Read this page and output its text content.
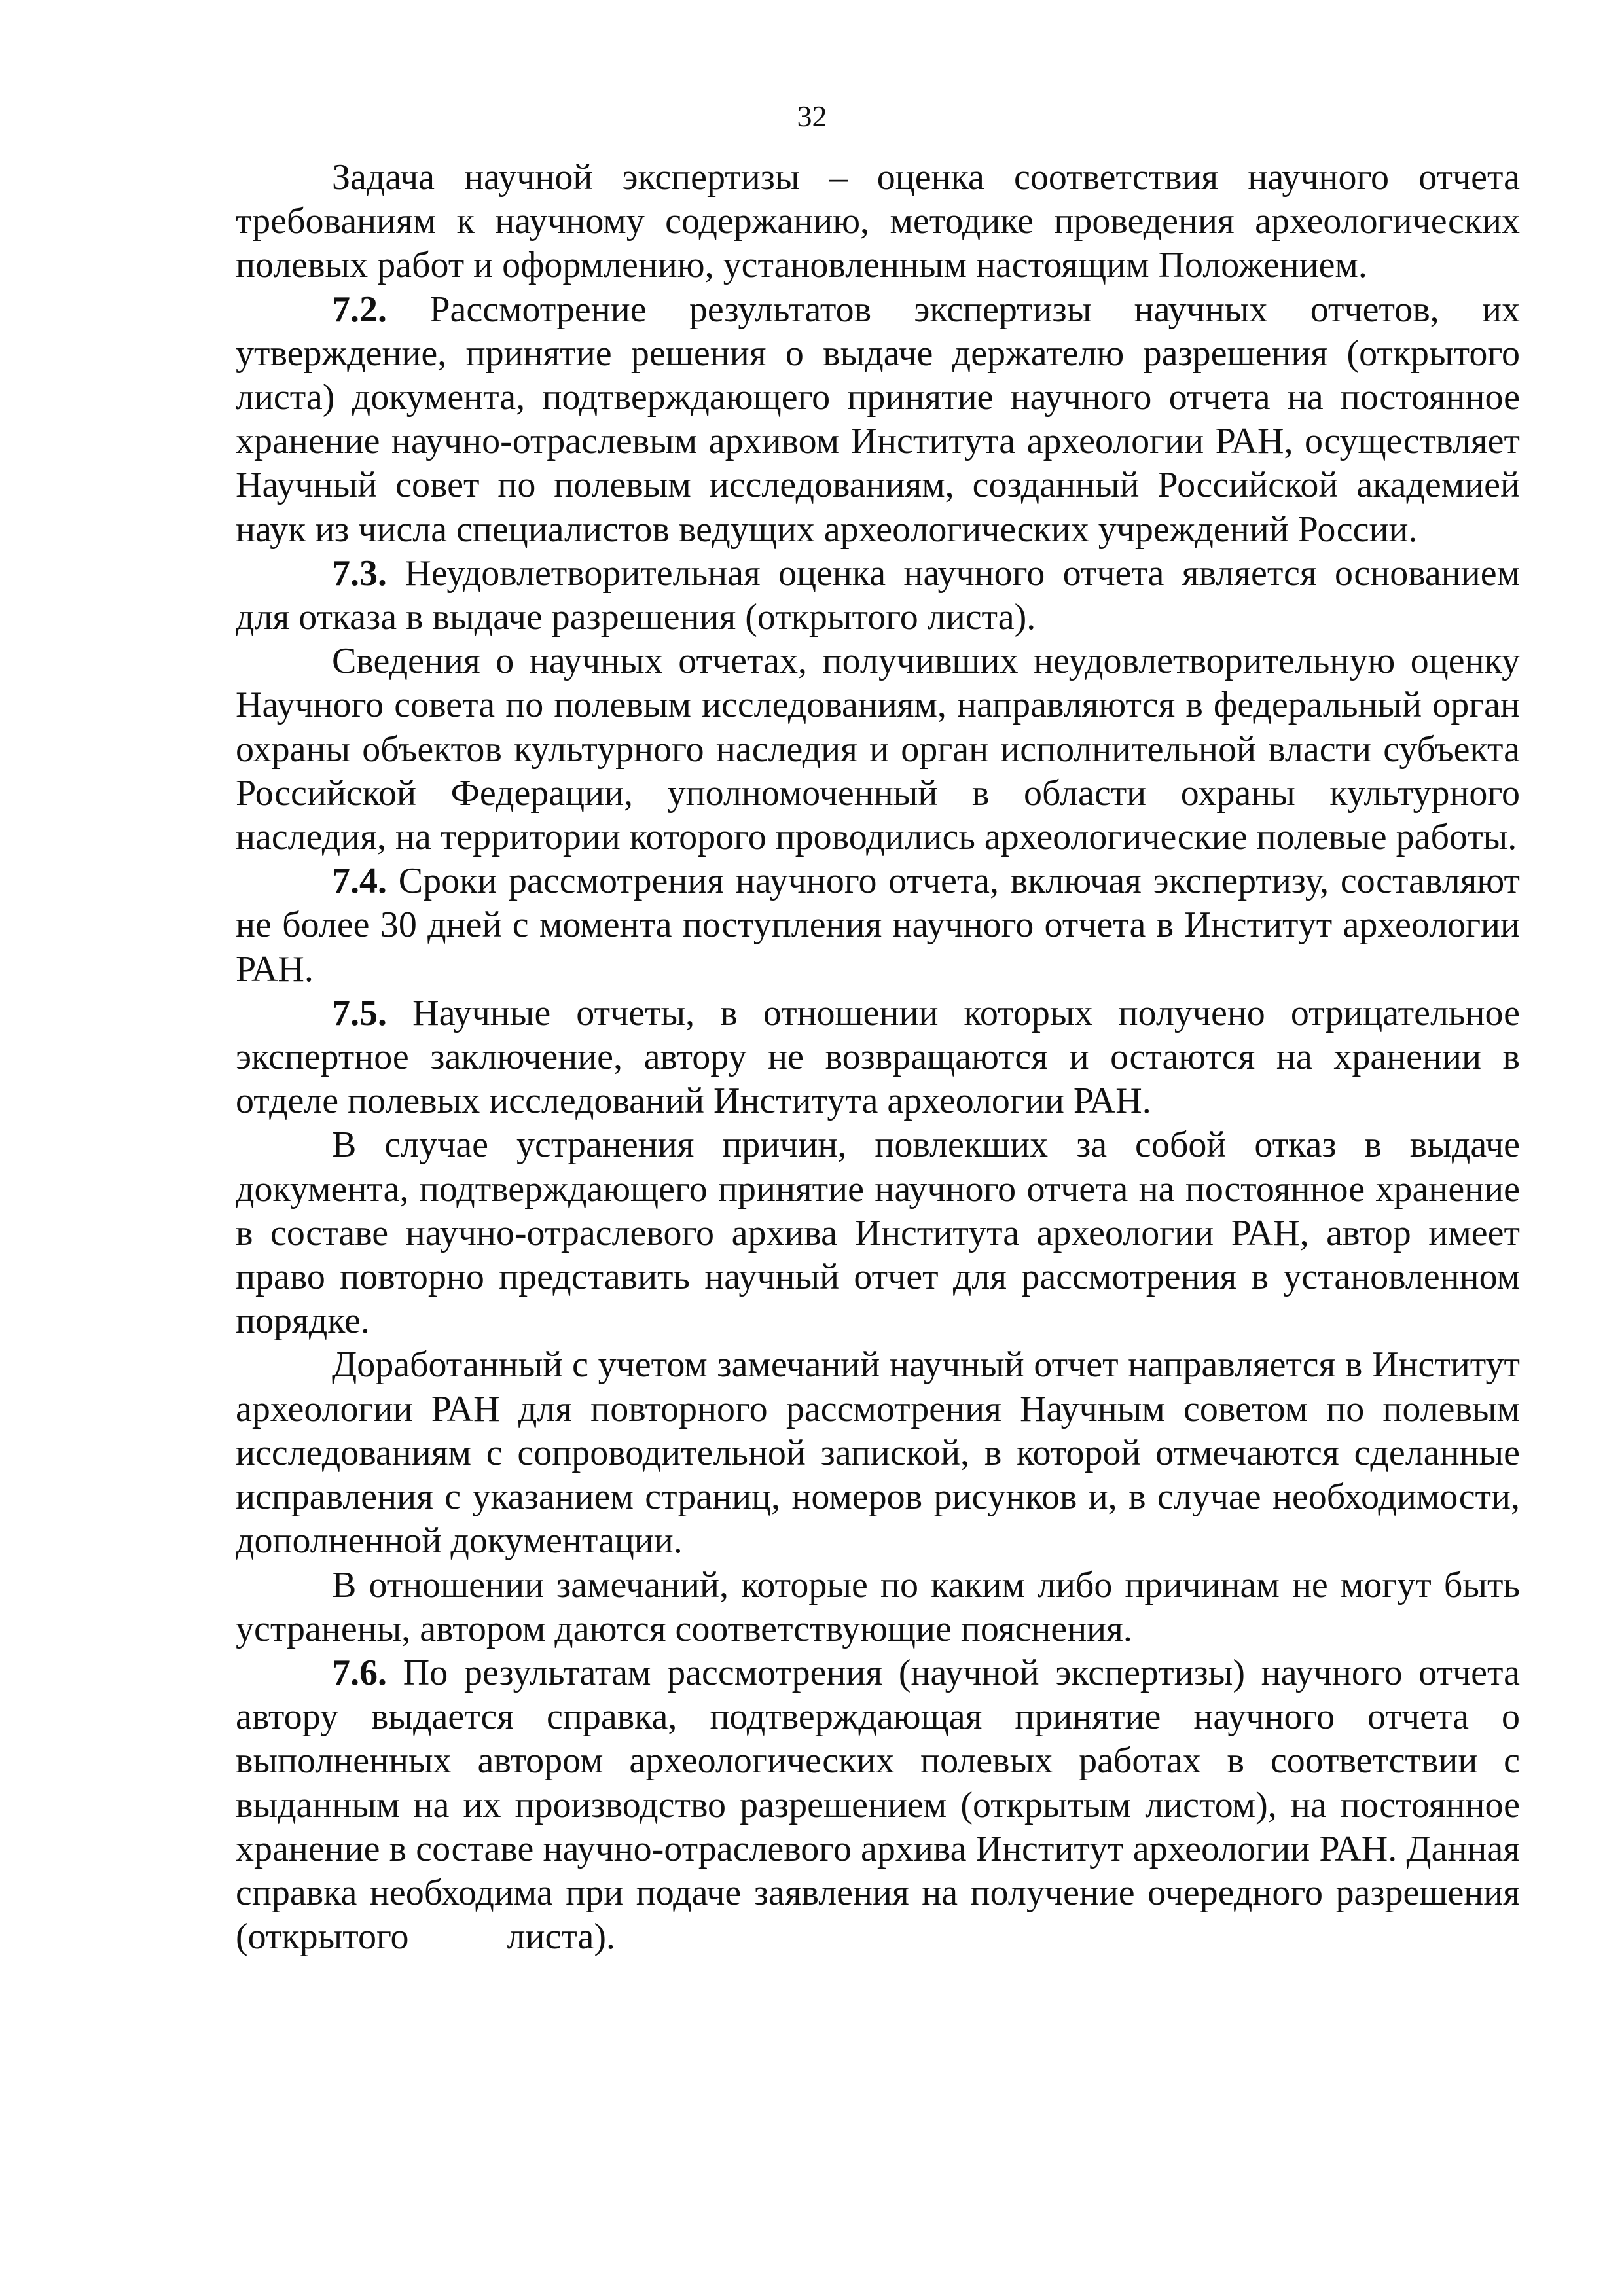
32

Задача научной экспертизы – оценка соответствия научного отчета требованиям к научному содержанию, методике проведения археологических полевых работ и оформлению, установленным настоящим Положением.

7.2. Рассмотрение результатов экспертизы научных отчетов, их утверждение, принятие решения о выдаче держателю разрешения (открытого листа) документа, подтверждающего принятие научного отчета на постоянное хранение научно-отраслевым архивом Института археологии РАН, осуществляет Научный совет по полевым исследованиям, созданный Российской академией наук из числа специалистов ведущих археологических учреждений России.

7.3. Неудовлетворительная оценка научного отчета является основанием для отказа в выдаче разрешения (открытого листа).

Сведения о научных отчетах, получивших неудовлетворительную оценку Научного совета по полевым исследованиям, направляются в федеральный орган охраны объектов культурного наследия и орган исполнительной власти субъекта Российской Федерации, уполномоченный в области охраны культурного наследия, на территории которого проводились археологические полевые работы.

7.4. Сроки рассмотрения научного отчета, включая экспертизу, составляют не более 30 дней с момента поступления научного отчета в Институт археологии РАН.

7.5. Научные отчеты, в отношении которых получено отрицательное экспертное заключение, автору не возвращаются и остаются на хранении в отделе полевых исследований Института археологии РАН.

В случае устранения причин, повлекших за собой отказ в выдаче документа, подтверждающего принятие научного отчета на постоянное хранение в составе научно-отраслевого архива Института археологии РАН, автор имеет право повторно представить научный отчет для рассмотрения в установленном порядке.

Доработанный с учетом замечаний научный отчет направляется в Институт археологии РАН для повторного рассмотрения Научным советом по полевым исследованиям с сопроводительной запиской, в которой отмечаются сделанные исправления с указанием страниц, номеров рисунков и, в случае необходимости, дополненной документации.

В отношении замечаний, которые по каким либо причинам не могут быть устранены, автором даются соответствующие пояснения.

7.6. По результатам рассмотрения (научной экспертизы) научного отчета автору выдается справка, подтверждающая принятие научного отчета о выполненных автором археологических полевых работах в соответствии с выданным на их производство разрешением (открытым листом), на постоянное хранение в составе научно-отраслевого архива Институт археологии РАН. Данная справка необходима при подаче заявления на получение очередного разрешения (открытого	листа).
